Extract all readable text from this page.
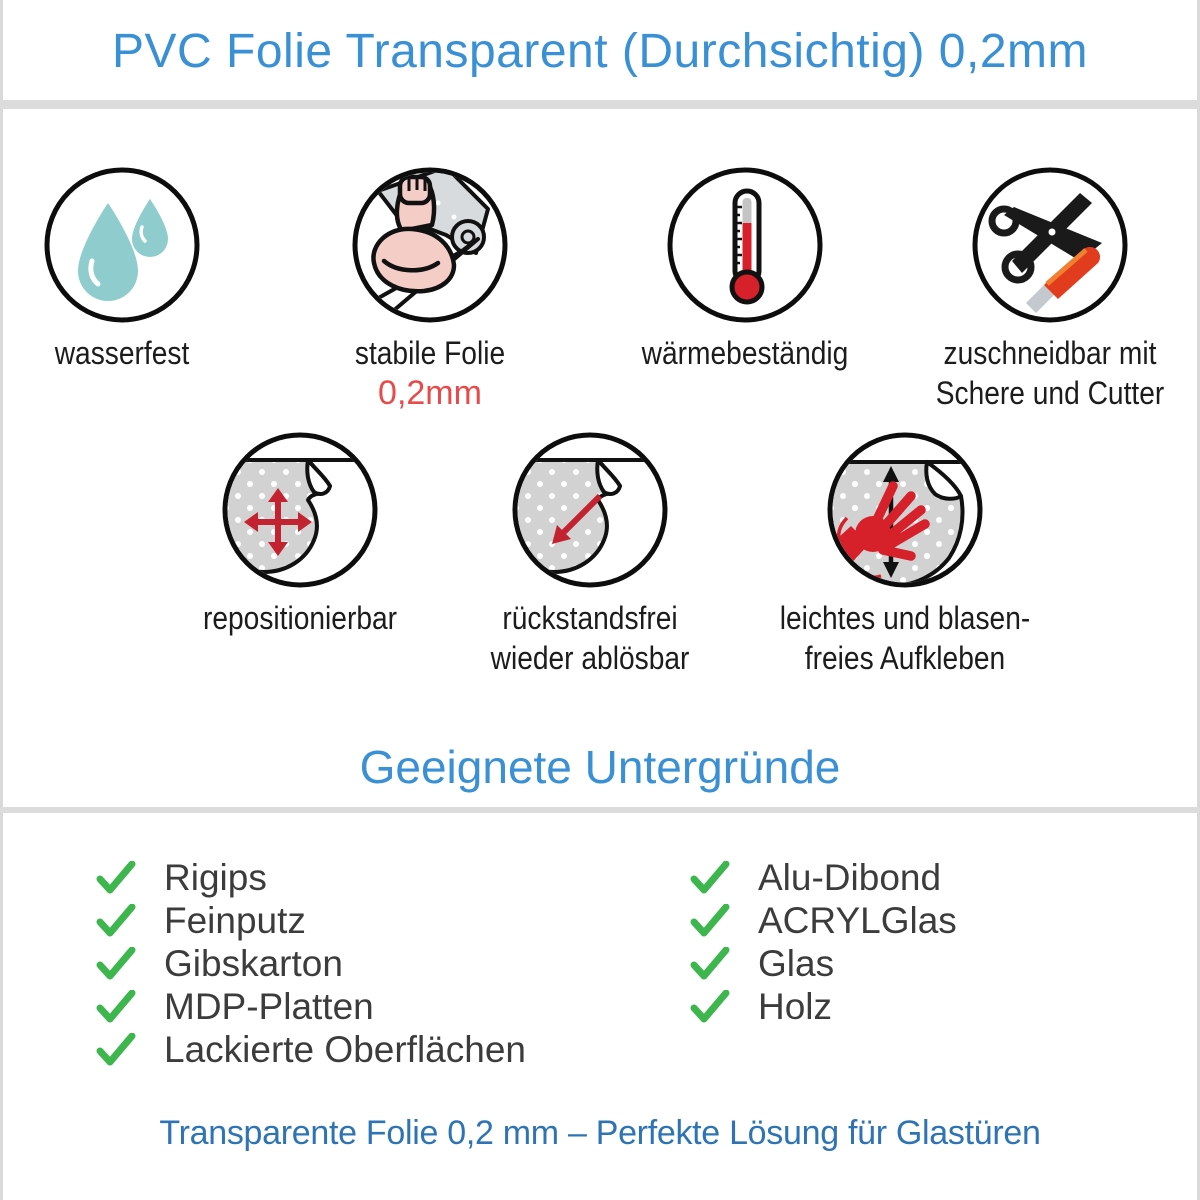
PVC Folie Transparent (Durchsichtig) 0,2mm
wasserfest	stabile Folie
0,2mm
wärmebeständig	zuschneidbar mit
Schere und Cutter
repositionierbar	rückstandsfrei
wieder ablösbar
leichtes und blasen-
freies Aufkleben
Geeignete Untergründe
Rigips
Feinputz
Gibskarton
MDP-Platten
Lackierte Oberflächen
Alu-Dibond
ACRYLGlas
Glas
Holz
Transparente Folie 0,2 mm – Perfekte Lösung für Glastüren
